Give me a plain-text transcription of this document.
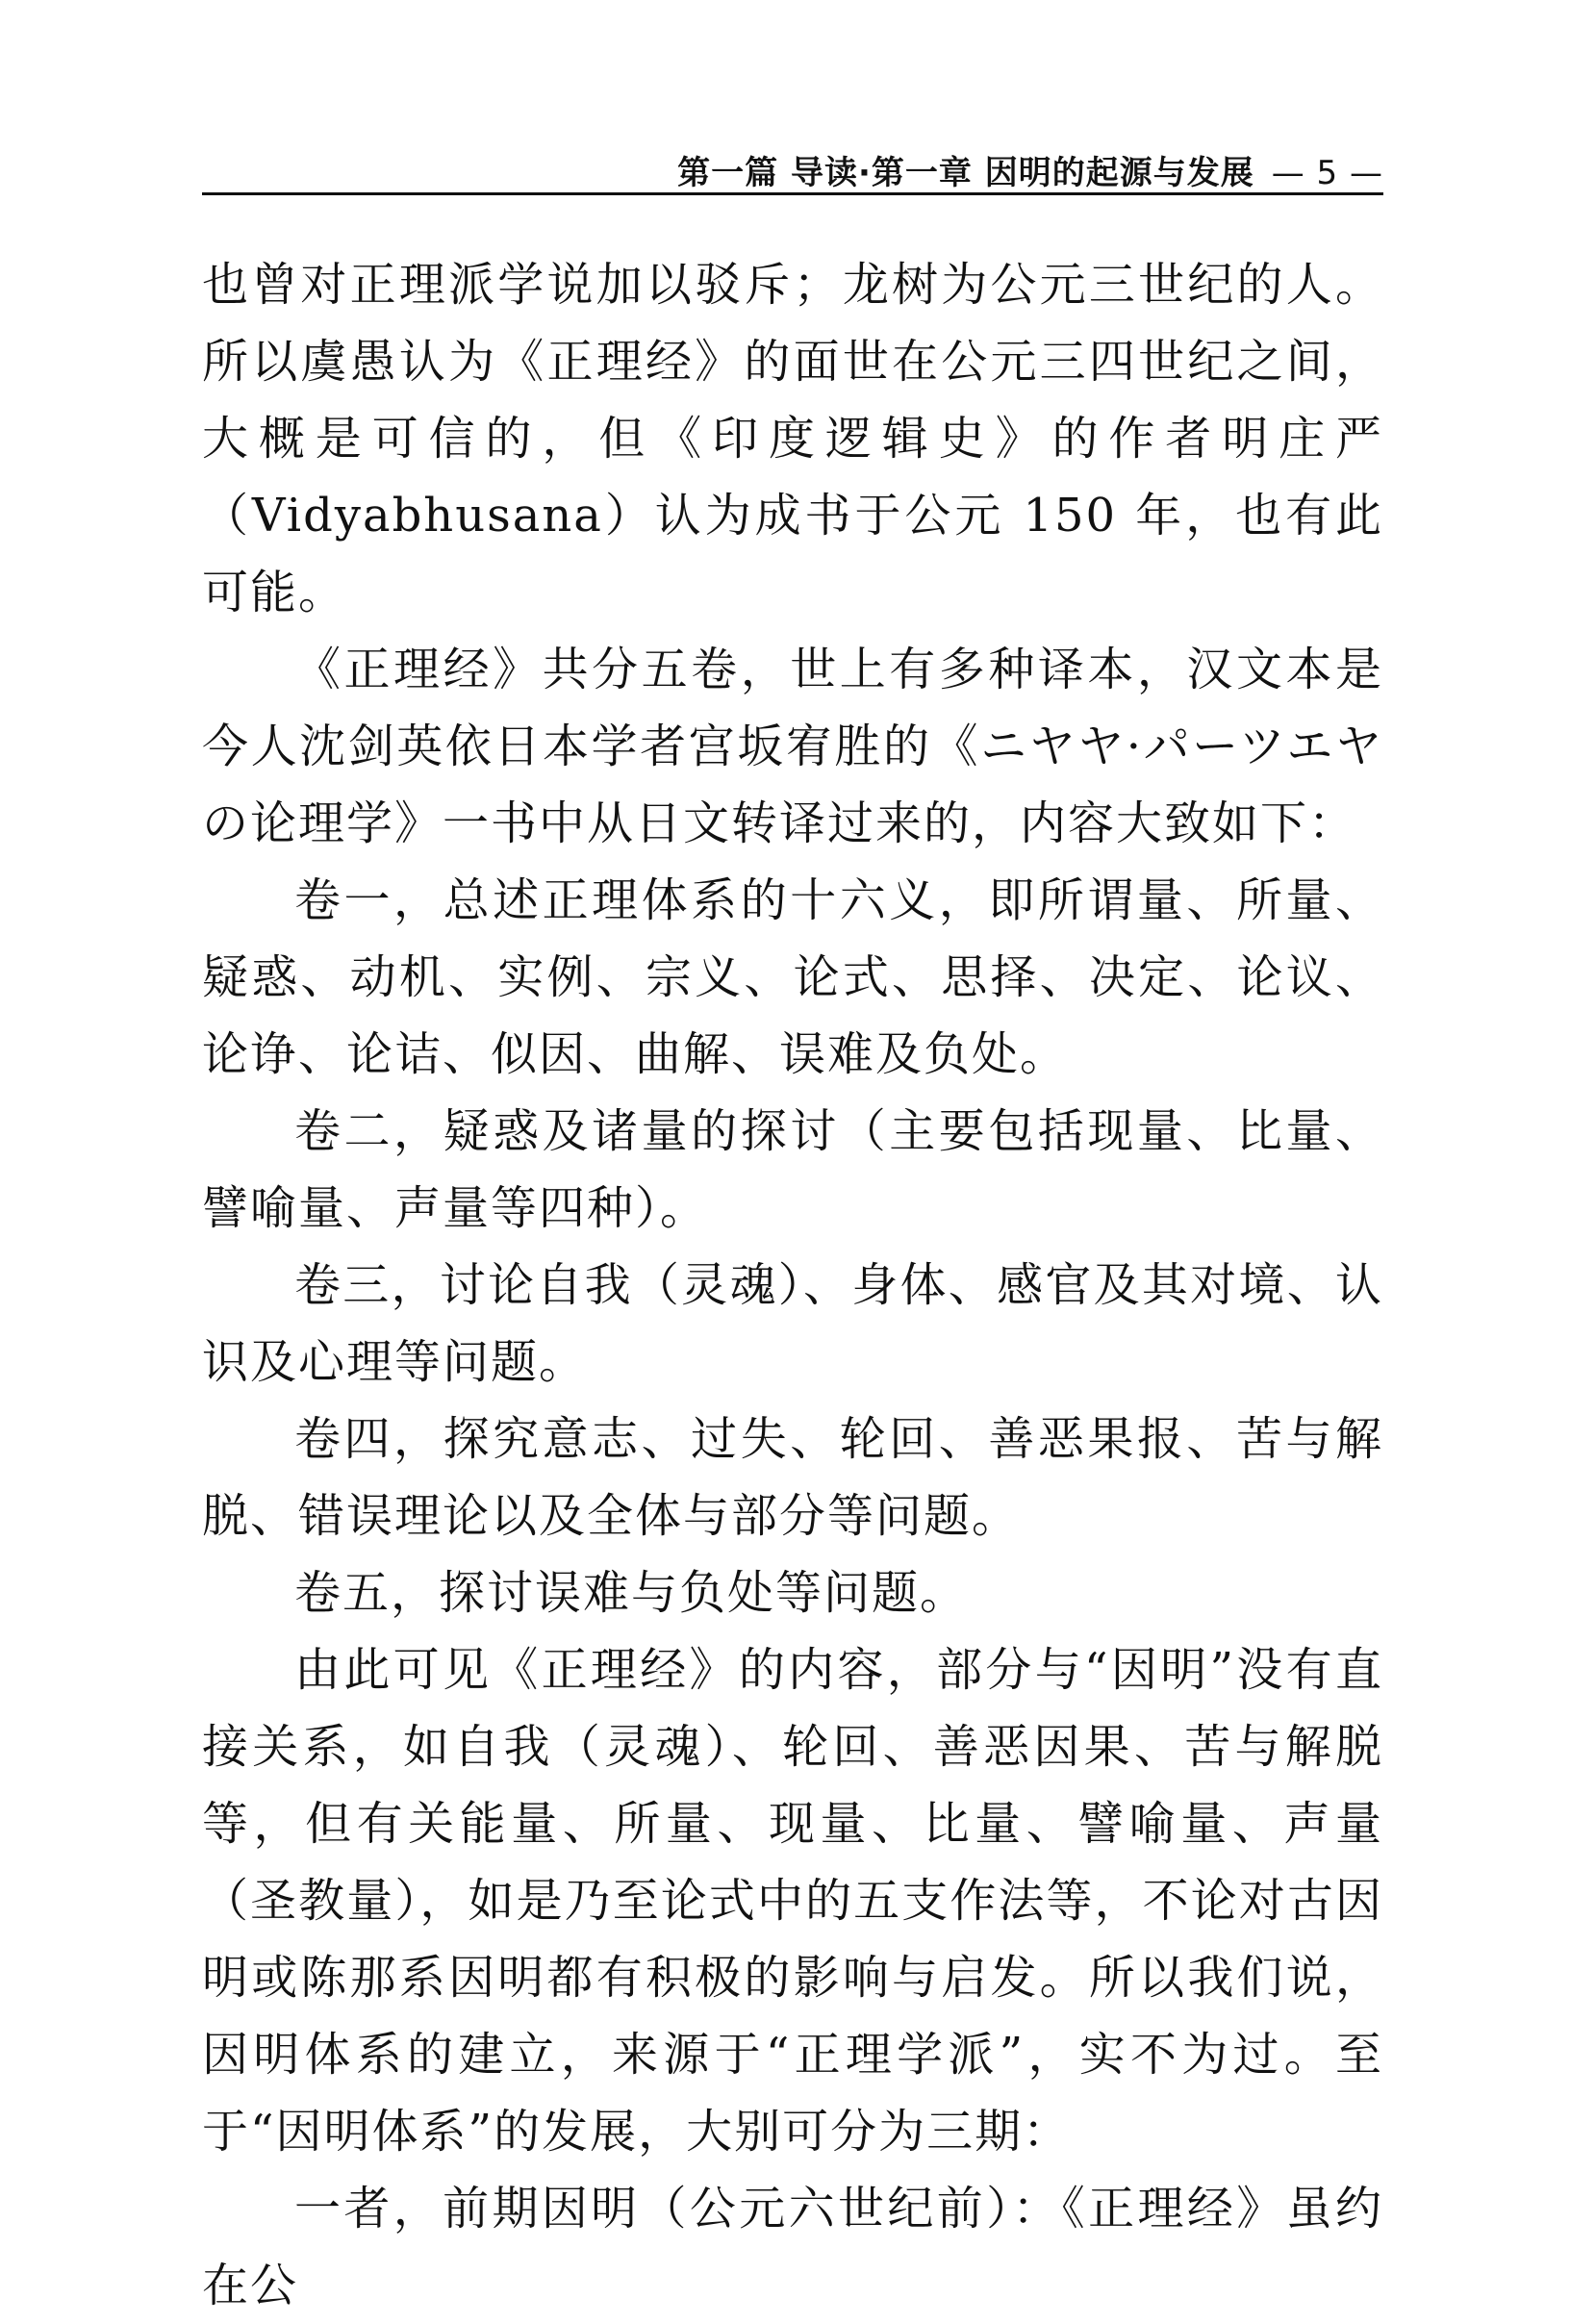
第一篇 导读·第一章 因明的起源与发展 — 5 —

也曾对正理派学说加以驳斥；龙树为公元三世纪的人。所以虞愚认为《正理经》的面世在公元三四世纪之间，大概是可信的，但《印度逻辑史》的作者明庄严（Vidyabhusana）认为成书于公元 150 年，也有此可能。

《正理经》共分五卷，世上有多种译本，汉文本是今人沈剑英依日本学者宫坂宥胜的《ニヤヤ·パーツエヤの论理学》一书中从日文转译过来的，内容大致如下：

卷一，总述正理体系的十六义，即所谓量、所量、疑惑、动机、实例、宗义、论式、思择、决定、论议、论诤、论诘、似因、曲解、误难及负处。

卷二，疑惑及诸量的探讨（主要包括现量、比量、譬喻量、声量等四种）。

卷三，讨论自我（灵魂）、身体、感官及其对境、认识及心理等问题。

卷四，探究意志、过失、轮回、善恶果报、苦与解脱、错误理论以及全体与部分等问题。

卷五，探讨误难与负处等问题。

由此可见《正理经》的内容，部分与“因明”没有直接关系，如自我（灵魂）、轮回、善恶因果、苦与解脱等，但有关能量、所量、现量、比量、譬喻量、声量（圣教量），如是乃至论式中的五支作法等，不论对古因明或陈那系因明都有积极的影响与启发。所以我们说，因明体系的建立，来源于“正理学派”，实不为过。至于“因明体系”的发展，大别可分为三期：

一者，前期因明（公元六世纪前）：《正理经》虽约在公
